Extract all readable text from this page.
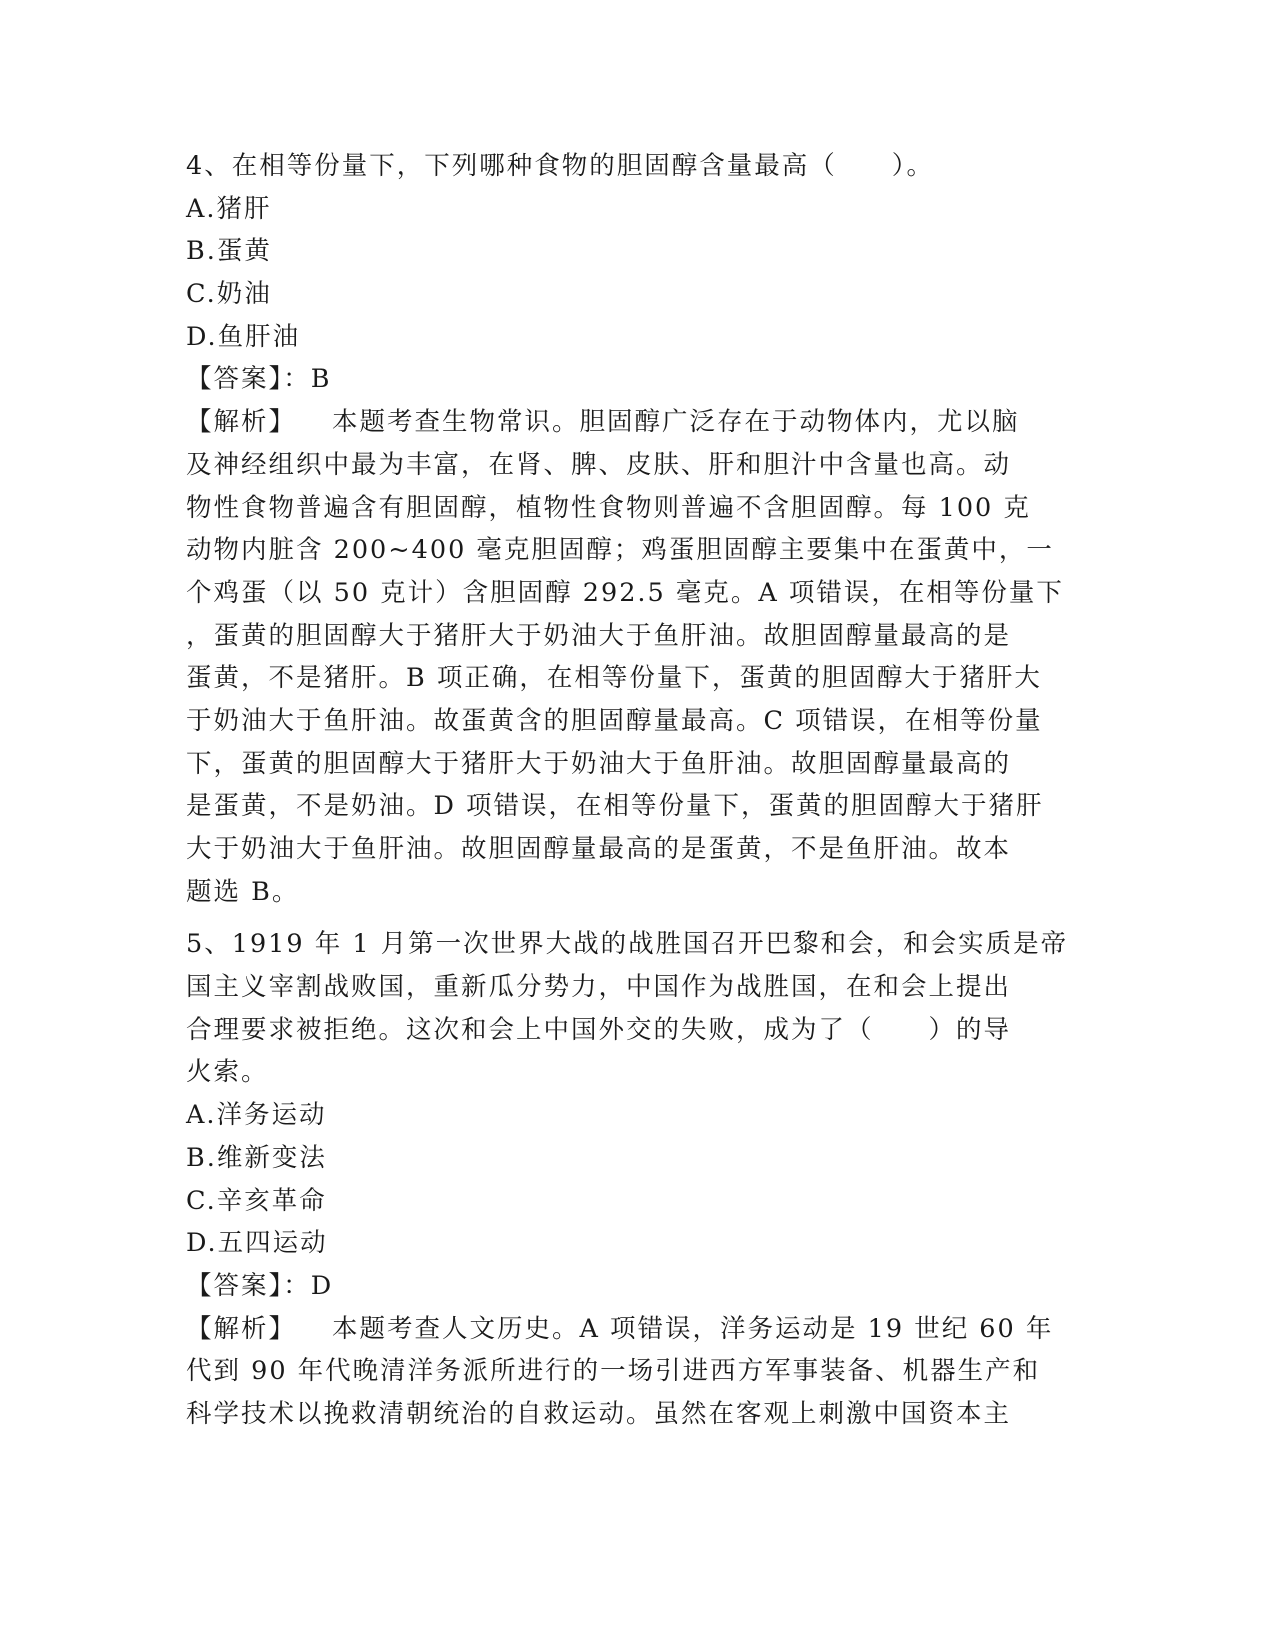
4、在相等份量下，下列哪种食物的胆固醇含量最高（　　）。
A.猪肝
B.蛋黄
C.奶油
D.鱼肝油
【答案】：B
【解析】 本题考查生物常识。胆固醇广泛存在于动物体内，尤以脑
及神经组织中最为丰富，在肾、脾、皮肤、肝和胆汁中含量也高。动
物性食物普遍含有胆固醇，植物性食物则普遍不含胆固醇。每 100 克
动物内脏含 200~400 毫克胆固醇；鸡蛋胆固醇主要集中在蛋黄中，一
个鸡蛋（以 50 克计）含胆固醇 292.5 毫克。A 项错误，在相等份量下
，蛋黄的胆固醇大于猪肝大于奶油大于鱼肝油。故胆固醇量最高的是
蛋黄，不是猪肝。B 项正确，在相等份量下，蛋黄的胆固醇大于猪肝大
于奶油大于鱼肝油。故蛋黄含的胆固醇量最高。C 项错误，在相等份量
下，蛋黄的胆固醇大于猪肝大于奶油大于鱼肝油。故胆固醇量最高的
是蛋黄，不是奶油。D 项错误，在相等份量下，蛋黄的胆固醇大于猪肝
大于奶油大于鱼肝油。故胆固醇量最高的是蛋黄，不是鱼肝油。故本
题选 B。
5、1919 年 1 月第一次世界大战的战胜国召开巴黎和会，和会实质是帝
国主义宰割战败国，重新瓜分势力，中国作为战胜国，在和会上提出
合理要求被拒绝。这次和会上中国外交的失败，成为了（　　）的导
火索。
A.洋务运动
B.维新变法
C.辛亥革命
D.五四运动
【答案】：D
【解析】 本题考查人文历史。A 项错误，洋务运动是 19 世纪 60 年
代到 90 年代晚清洋务派所进行的一场引进西方军事装备、机器生产和
科学技术以挽救清朝统治的自救运动。虽然在客观上刺激中国资本主
